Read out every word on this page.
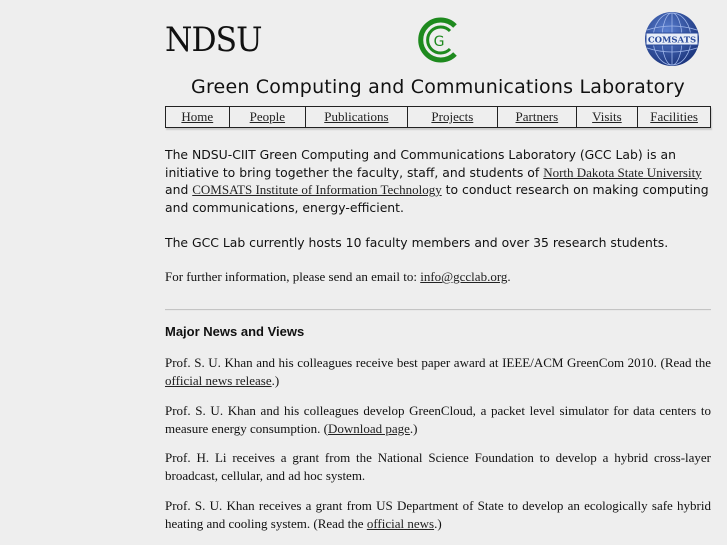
NDSU	G	COMSATS
Green Computing and Communications Laboratory
Home	People	Publications	Projects	Partners	Visits	Facilities

The NDSU-CIIT Green Computing and Communications Laboratory (GCC Lab) is an initiative to bring together the faculty, staff, and students of North Dakota State University and COMSATS Institute of Information Technology to conduct research on making computing and communications, energy-efficient.

The GCC Lab currently hosts 10 faculty members and over 35 research students.

For further information, please send an email to: info@gcclab.org.

Major News and Views

Prof. S. U. Khan and his colleagues receive best paper award at IEEE/ACM GreenCom 2010. (Read the official news release.)

Prof. S. U. Khan and his colleagues develop GreenCloud, a packet level simulator for data centers to measure energy consumption. (Download page.)

Prof. H. Li receives a grant from the National Science Foundation to develop a hybrid cross-layer broadcast, cellular, and ad hoc system.

Prof. S. U. Khan receives a grant from US Department of State to develop an ecologically safe hybrid heating and cooling system. (Read the official news.)
